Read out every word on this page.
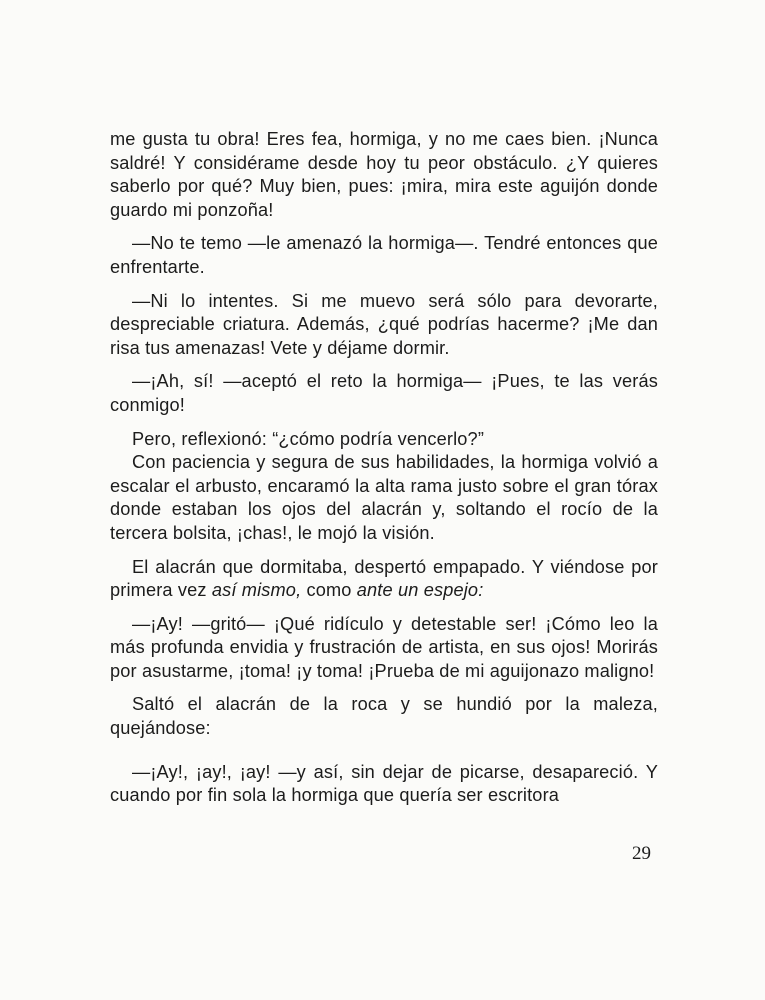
me gusta tu obra! Eres fea, hormiga, y no me caes bien. ¡Nunca saldré! Y considérame desde hoy tu peor obstáculo. ¿Y quieres saberlo por qué? Muy bien, pues: ¡mira, mira este aguijón donde guardo mi ponzoña!

—No te temo —le amenazó la hormiga—. Tendré entonces que enfrentarte.

—Ni lo intentes. Si me muevo será sólo para devorarte, despreciable criatura. Además, ¿qué podrías hacerme? ¡Me dan risa tus amenazas! Vete y déjame dormir.

—¡Ah, sí! —aceptó el reto la hormiga— ¡Pues, te las verás conmigo!

Pero, reflexionó: “¿cómo podría vencerlo?”

Con paciencia y segura de sus habilidades, la hormiga volvió a escalar el arbusto, encaramó la alta rama justo sobre el gran tórax donde estaban los ojos del alacrán y, soltando el rocío de la tercera bolsita, ¡chas!, le mojó la visión.

El alacrán que dormitaba, despertó empapado. Y viéndose por primera vez así mismo, como ante un espejo:

—¡Ay! —gritó— ¡Qué ridículo y detestable ser! ¡Cómo leo la más profunda envidia y frustración de artista, en sus ojos! Morirás por asustarme, ¡toma! ¡y toma! ¡Prueba de mi aguijonazo maligno!

Saltó el alacrán de la roca y se hundió por la maleza, quejándose:

—¡Ay!, ¡ay!, ¡ay! —y así, sin dejar de picarse, desapareció. Y cuando por fin sola la hormiga que quería ser escritora

29
